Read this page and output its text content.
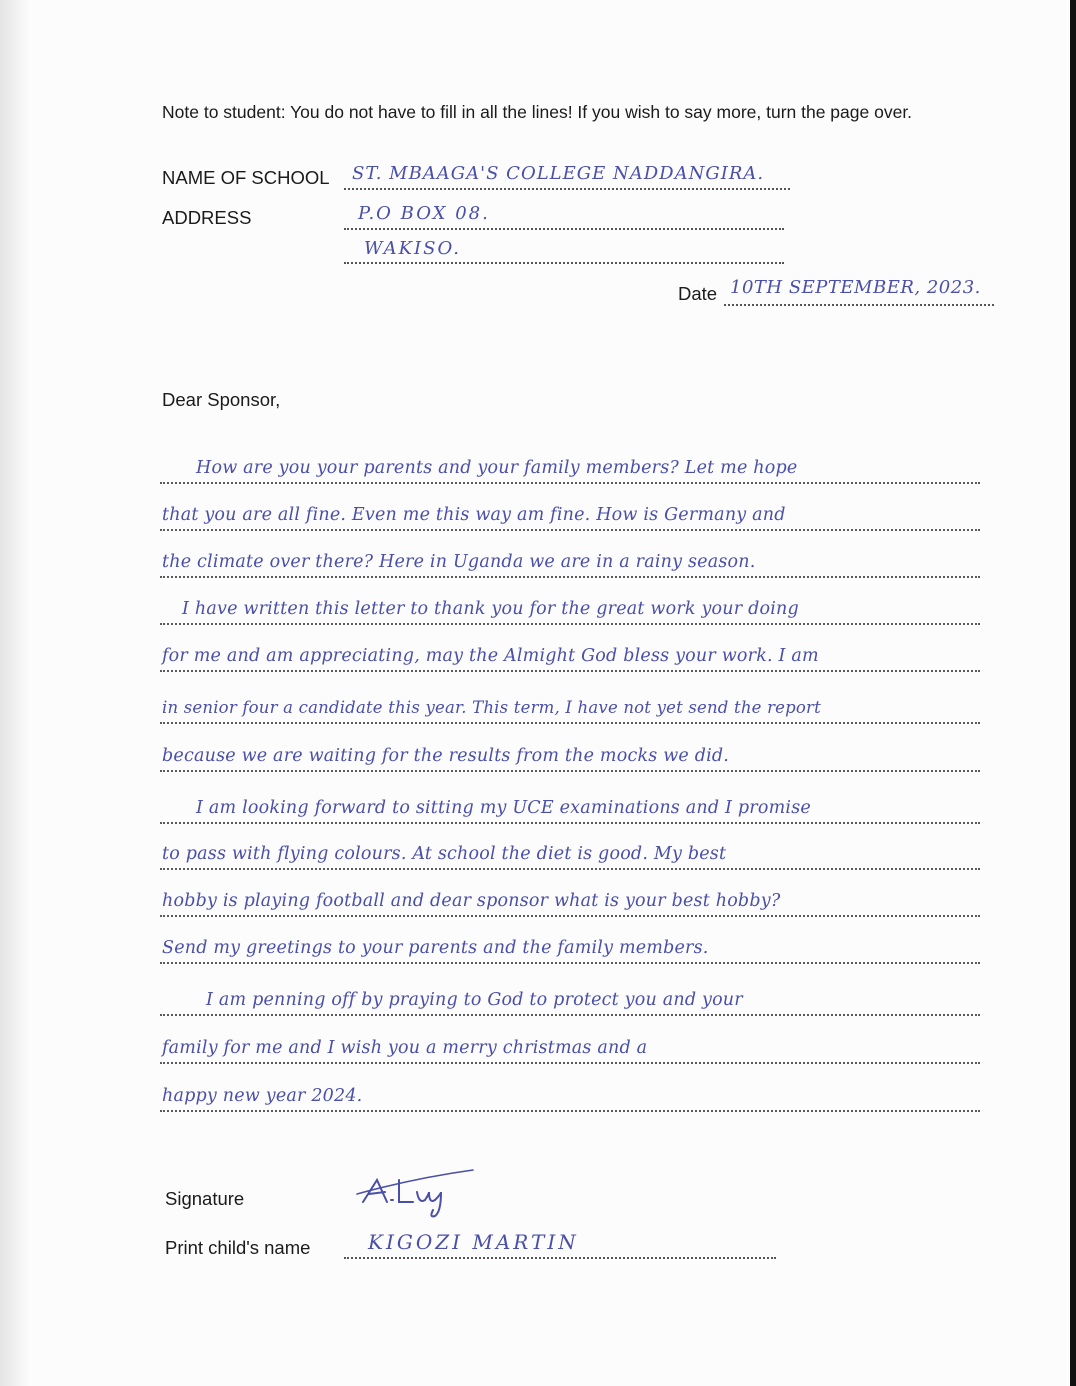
Note to student: You do not have to fill in all the lines! If you wish to say more, turn the page over.
NAME OF SCHOOL ST. MBAAGA'S COLLEGE NADDANGIRA.
ADDRESS	P.O BOX 08.
WAKISO.
Date 10TH SEPTEMBER, 2023.
Dear Sponsor,
How are you your parents and your family members? Let me hope
that you are all fine. Even me this way am fine. How is Germany and
the climate over there? Here in Uganda we are in a rainy season.
I have written this letter to thank you for the great work your doing
for me and am appreciating, may the Almight God bless your work. I am
in senior four a candidate this year. This term, I have not yet send the report
because we are waiting for the results from the mocks we did.
I am looking forward to sitting my UCE examinations and I promise
to pass with flying colours. At school the diet is good. My best
hobby is playing football and dear sponsor what is your best hobby?
Send my greetings to your parents and the family members.
I am penning off by praying to God to protect you and your
family for me and I wish you a merry christmas and a
happy new year 2024.
Signature
Print child's name	KIGOZI MARTIN
